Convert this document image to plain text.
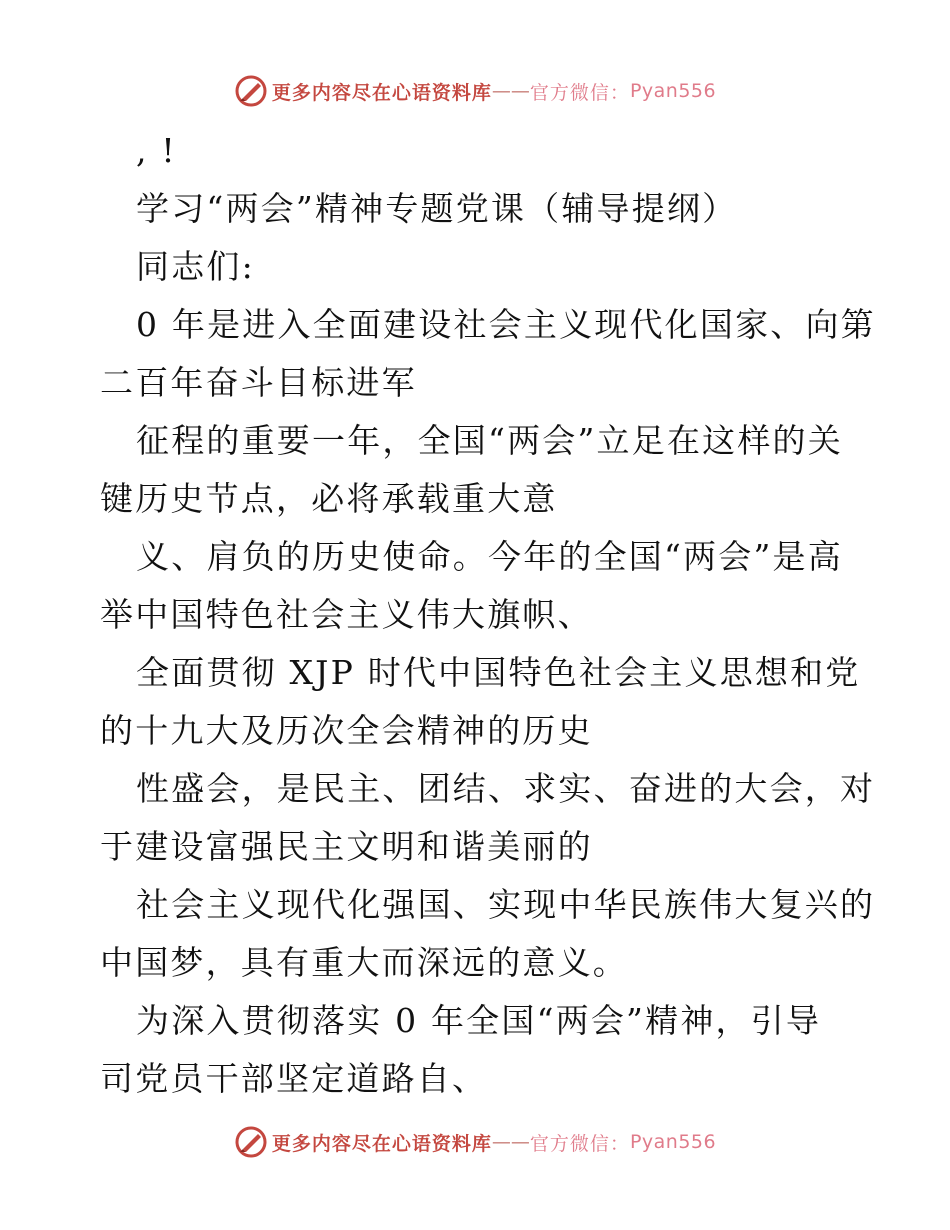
更多内容尽在心语资料库 —— 官方微信： Pyan556
, !
学习“两会”精神专题党课（辅导提纲）
同志们:
0 年是进入全面建设社会主义现代化国家、向第
二百年奋斗目标进军
征程的重要一年，全国“两会”立足在这样的关
键历史节点，必将承载重大意
义、肩负的历史使命。今年的全国“两会”是高
举中国特色社会主义伟大旗帜、
全面贯彻 XJP 时代中国特色社会主义思想和党
的十九大及历次全会精神的历史
性盛会，是民主、团结、求实、奋进的大会，对
于建设富强民主文明和谐美丽的
社会主义现代化强国、实现中华民族伟大复兴的
中国梦，具有重大而深远的意义。
为深入贯彻落实 0 年全国“两会”精神，引导
司党员干部坚定道路自、
更多内容尽在心语资料库 —— 官方微信： Pyan556
